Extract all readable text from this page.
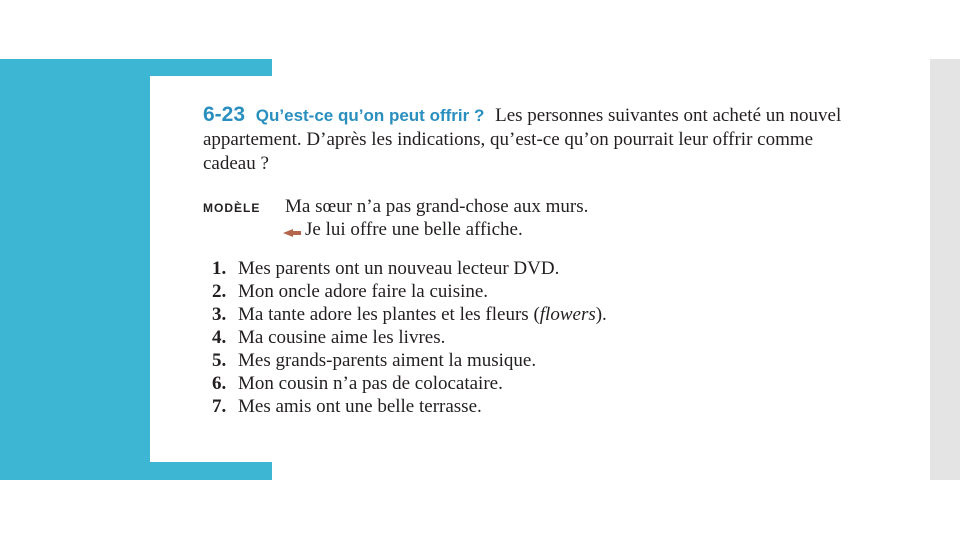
6-23 Qu’est-ce qu’on peut offrir ? Les personnes suivantes ont acheté un nouvel appartement. D’après les indications, qu’est-ce qu’on pourrait leur offrir comme cadeau ?
MODÈLE Ma sœur n’a pas grand-chose aux murs.
Je lui offre une belle affiche.
1. Mes parents ont un nouveau lecteur DVD.
2. Mon oncle adore faire la cuisine.
3. Ma tante adore les plantes et les fleurs (flowers).
4. Ma cousine aime les livres.
5. Mes grands-parents aiment la musique.
6. Mon cousin n’a pas de colocataire.
7. Mes amis ont une belle terrasse.
